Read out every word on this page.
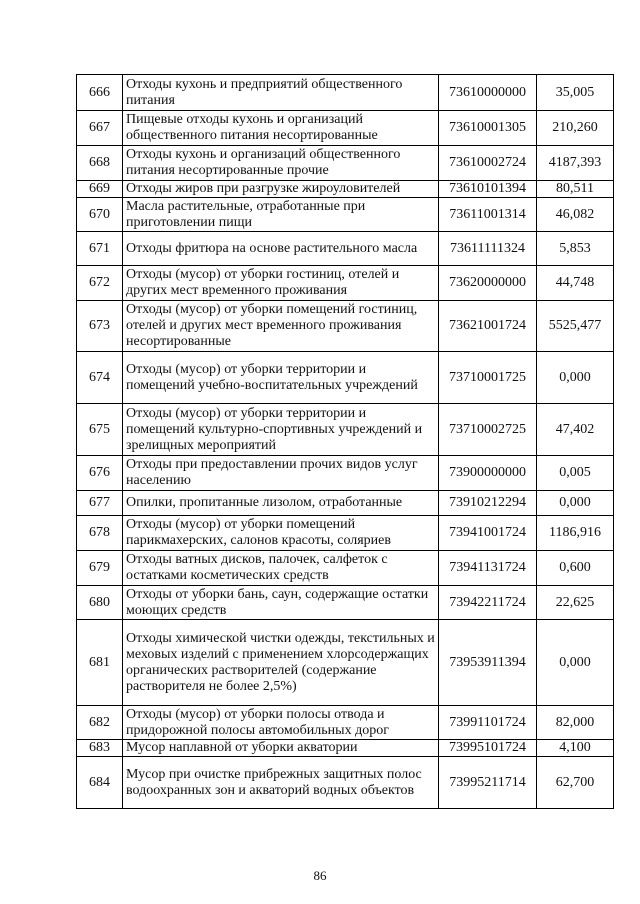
666	Отходы кухонь и предприятий общественного питания	73610000000	35,005
667	Пищевые отходы кухонь и организаций общественного питания несортированные	73610001305	210,260
668	Отходы кухонь и организаций общественного питания несортированные прочие	73610002724	4187,393
669	Отходы жиров при разгрузке жироуловителей	73610101394	80,511
670	Масла растительные, отработанные при приготовлении пищи	73611001314	46,082
671	Отходы фритюра на основе растительного масла	73611111324	5,853
672	Отходы (мусор) от уборки гостиниц, отелей и других мест временного проживания	73620000000	44,748
673	Отходы (мусор) от уборки помещений гостиниц, отелей и других мест временного проживания несортированные	73621001724	5525,477
674	Отходы (мусор) от уборки территории и помещений учебно-воспитательных учреждений	73710001725	0,000
675	Отходы (мусор) от уборки территории и помещений культурно-спортивных учреждений и зрелищных мероприятий	73710002725	47,402
676	Отходы при предоставлении прочих видов услуг населению	73900000000	0,005
677	Опилки, пропитанные лизолом, отработанные	73910212294	0,000
678	Отходы (мусор) от уборки помещений парикмахерских, салонов красоты, соляриев	73941001724	1186,916
679	Отходы ватных дисков, палочек, салфеток с остатками косметических средств	73941131724	0,600
680	Отходы от уборки бань, саун, содержащие остатки моющих средств	73942211724	22,625
681	Отходы химической чистки одежды, текстильных и меховых изделий с применением хлорсодержащих органических растворителей (содержание растворителя не более 2,5%)	73953911394	0,000
682	Отходы (мусор) от уборки полосы отвода и придорожной полосы автомобильных дорог	73991101724	82,000
683	Мусор наплавной от уборки акватории	73995101724	4,100
684	Мусор при очистке прибрежных защитных полос водоохранных зон и акваторий водных объектов	73995211714	62,700
86
